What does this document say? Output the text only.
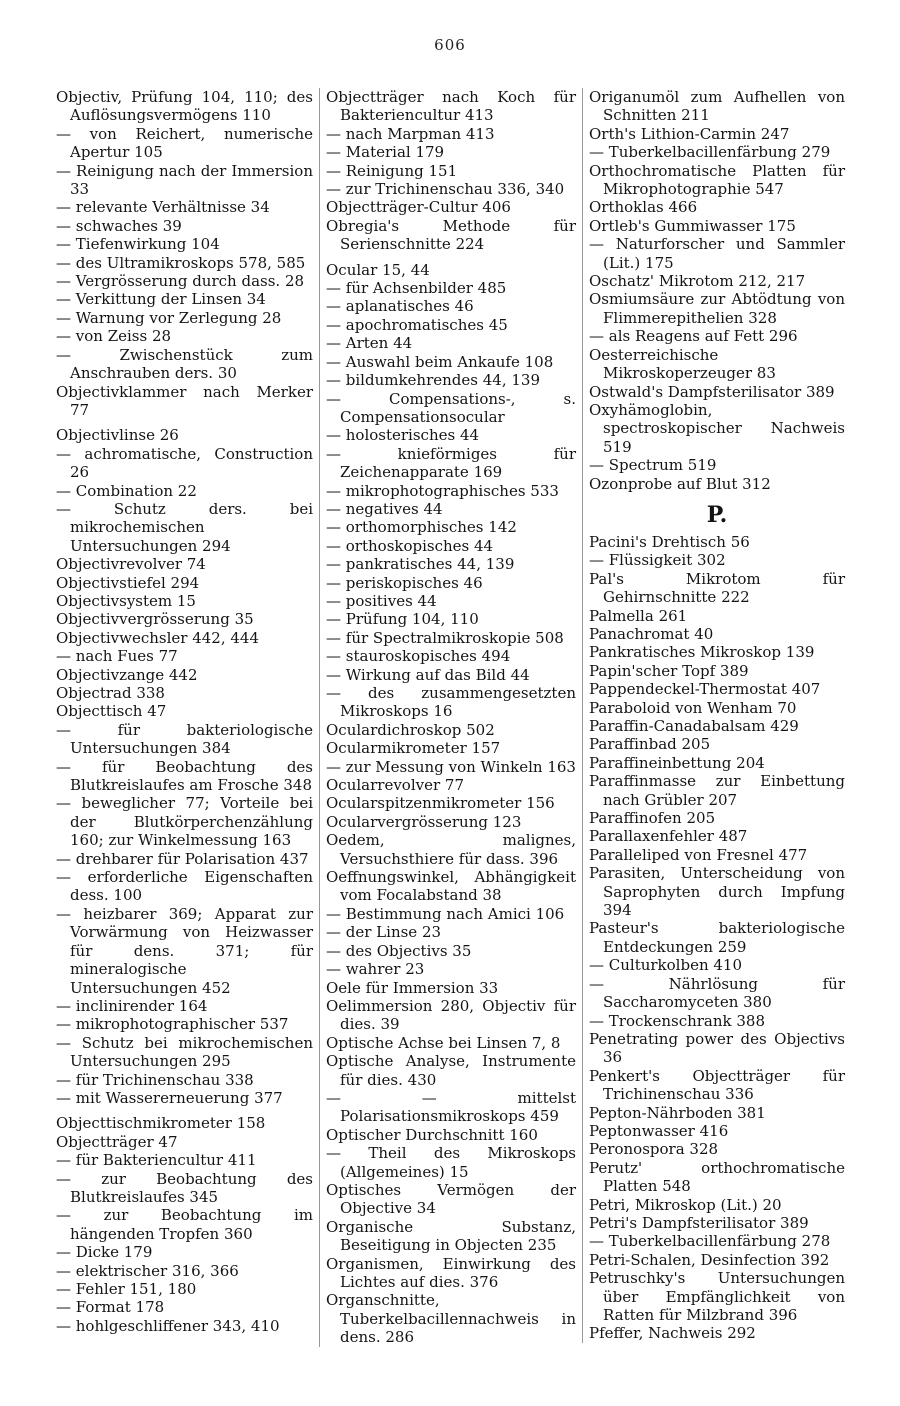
606
Objectiv, Prüfung 104, 110; des Auflösungsvermögens 110
— von Reichert, numerische Apertur 105
— Reinigung nach der Immersion 33
— relevante Verhältnisse 34
— schwaches 39
— Tiefenwirkung 104
— des Ultramikroskops 578, 585
— Vergrösserung durch dass. 28
— Verkittung der Linsen 34
— Warnung vor Zerlegung 28
— von Zeiss 28
— Zwischenstück zum Anschrauben ders. 30
Objectivklammer nach Merker 77
Objectivlinse 26
— achromatische, Construction 26
— Combination 22
— Schutz ders. bei mikrochemischen Untersuchungen 294
Objectivrevolver 74
Objectivstiefel 294
Objectivsystem 15
Objectivvergrösserung 35
Objectivwechsler 442, 444
— nach Fues 77
Objectivzange 442
Objectrad 338
Objecttisch 47
— für bakteriologische Untersuchungen 384
— für Beobachtung des Blutkreislaufes am Frosche 348
— beweglicher 77; Vorteile bei der Blutkörperchenzählung 160; zur Winkelmessung 163
— drehbarer für Polarisation 437
— erforderliche Eigenschaften dess. 100
— heizbarer 369; Apparat zur Vorwärmung von Heizwasser für dens. 371; für mineralogische Untersuchungen 452
— inclinirender 164
— mikrophotographischer 537
— Schutz bei mikrochemischen Untersuchungen 295
— für Trichinenschau 338
— mit Wassererneuerung 377
Objecttischmikrometer 158
Objectträger 47
— für Bakteriencultur 411
— zur Beobachtung des Blutkreislaufes 345
— zur Beobachtung im hängenden Tropfen 360
— Dicke 179
— elektrischer 316, 366
— Fehler 151, 180
— Format 178
— hohlgeschliffener 343, 410
Objectträger nach Koch für Bakteriencultur 413
— nach Marpman 413
— Material 179
— Reinigung 151
— zur Trichinenschau 336, 340
Objectträger-Cultur 406
Obregia's Methode für Serienschnitte 224
Ocular 15, 44
— für Achsenbilder 485
— aplanatisches 46
— apochromatisches 45
— Arten 44
— Auswahl beim Ankaufe 108
— bildumkehrendes 44, 139
— Compensations-, s. Compensationsocular
— holosterisches 44
— knieförmiges für Zeichenapparate 169
— mikrophotographisches 533
— negatives 44
— orthomorphisches 142
— orthoskopisches 44
— pankratisches 44, 139
— periskopisches 46
— positives 44
— Prüfung 104, 110
— für Spectralmikroskopie 508
— stauroskopisches 494
— Wirkung auf das Bild 44
— des zusammengesetzten Mikroskops 16
Oculardichroskop 502
Ocularmikrometer 157
— zur Messung von Winkeln 163
Ocularrevolver 77
Ocularspitzenmikrometer 156
Ocularvergrösserung 123
Oedem, malignes, Versuchsthiere für dass. 396
Oeffnungswinkel, Abhängigkeit vom Focalabstand 38
— Bestimmung nach Amici 106
— der Linse 23
— des Objectivs 35
— wahrer 23
Oele für Immersion 33
Oelimmersion 280, Objectiv für dies. 39
Optische Achse bei Linsen 7, 8
Optische Analyse, Instrumente für dies. 430
— — mittelst Polarisationsmikroskops 459
Optischer Durchschnitt 160
— Theil des Mikroskops (Allgemeines) 15
Optisches Vermögen der Objective 34
Organische Substanz, Beseitigung in Objecten 235
Organismen, Einwirkung des Lichtes auf dies. 376
Organschnitte, Tuberkelbacillennachweis in dens. 286
Origanumöl zum Aufhellen von Schnitten 211
Orth's Lithion-Carmin 247
— Tuberkelbacillenfärbung 279
Orthochromatische Platten für Mikrophotographie 547
Orthoklas 466
Ortleb's Gummiwasser 175
— Naturforscher und Sammler (Lit.) 175
Oschatz' Mikrotom 212, 217
Osmiumsäure zur Abtödtung von Flimmerepithelien 328
— als Reagens auf Fett 296
Oesterreichische Mikroskoperzeuger 83
Ostwald's Dampfsterilisator 389
Oxyhämoglobin, spectroskopischer Nachweis 519
— Spectrum 519
Ozonprobe auf Blut 312
P.
Pacini's Drehtisch 56
— Flüssigkeit 302
Pal's Mikrotom für Gehirnschnitte 222
Palmella 261
Panachromat 40
Pankratisches Mikroskop 139
Papin'scher Topf 389
Pappendeckel-Thermostat 407
Paraboloid von Wenham 70
Paraffin-Canadabalsam 429
Paraffinbad 205
Paraffineinbettung 204
Paraffinmasse zur Einbettung nach Grübler 207
Paraffinofen 205
Parallaxenfehler 487
Paralleliped von Fresnel 477
Parasiten, Unterscheidung von Saprophyten durch Impfung 394
Pasteur's bakteriologische Entdeckungen 259
— Culturkolben 410
— Nährlösung für Saccharomyceten 380
— Trockenschrank 388
Penetrating power des Objectivs 36
Penkert's Objectträger für Trichinenschau 336
Pepton-Nährboden 381
Peptonwasser 416
Peronospora 328
Perutz' orthochromatische Platten 548
Petri, Mikroskop (Lit.) 20
Petri's Dampfsterilisator 389
— Tuberkelbacillenfärbung 278
Petri-Schalen, Desinfection 392
Petruschky's Untersuchungen über Empfänglichkeit von Ratten für Milzbrand 396
Pfeffer, Nachweis 292
